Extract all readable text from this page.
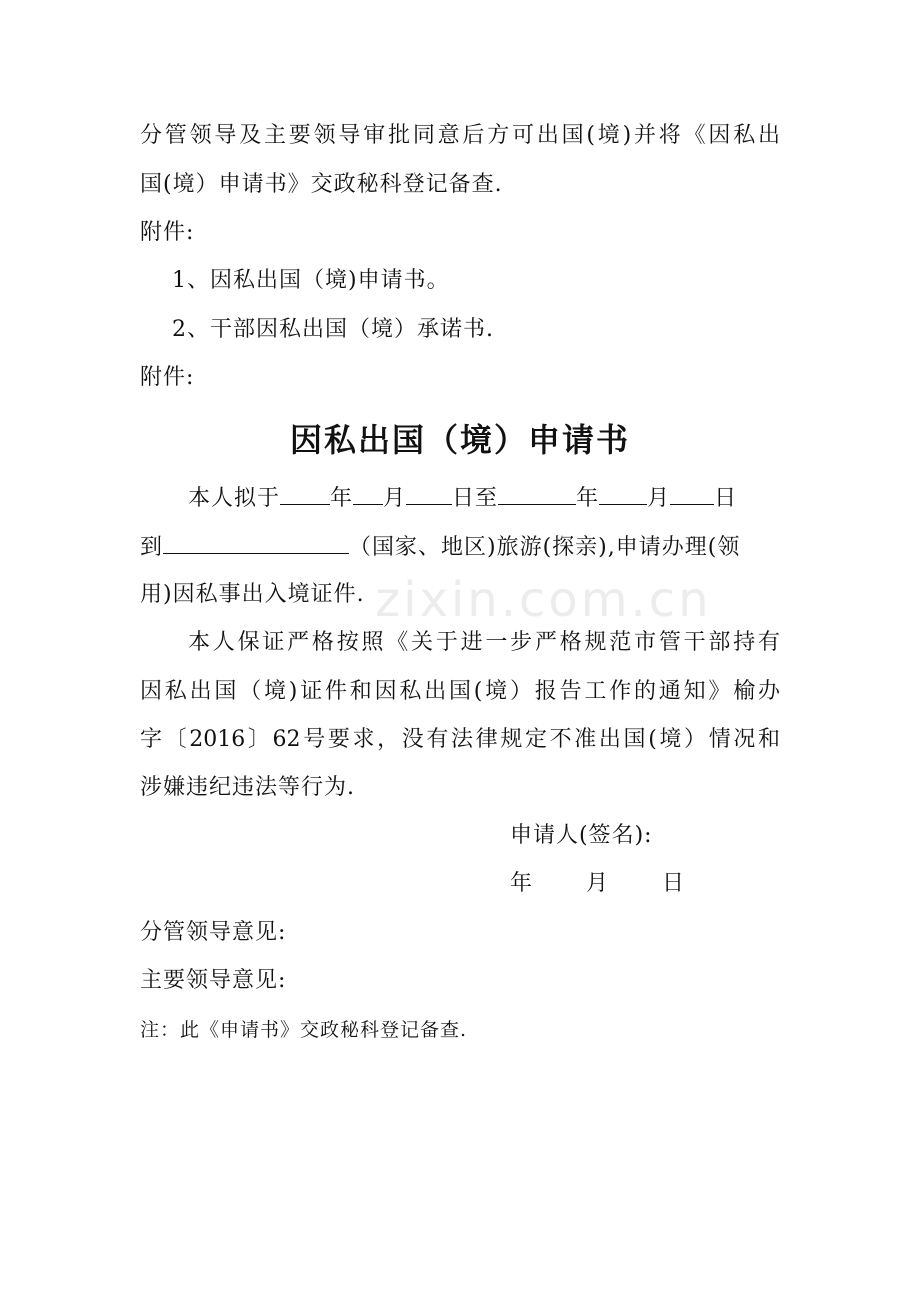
分管领导及主要领导审批同意后方可出国(境)并将《因私出
国(境）申请书》交政秘科登记备查.
附件:
1、因私出国（境)申请书。
2、干部因私出国（境）承诺书.
附件:
因私出国（境）申请书
本人拟于 年 月 日至	年 月 日
到	（国家、地区)旅游(探亲),申请办理(领
用)因私事出入境证件.
本人保证严格按照《关于进一步严格规范市管干部持有
因私出国（境)证件和因私出国(境）报告工作的通知》榆办
字〔2016〕62号要求，没有法律规定不准出国(境）情况和
涉嫌违纪违法等行为.
申请人(签名):
年 月 日
分管领导意见:
主要领导意见:
注：此《申请书》交政秘科登记备查.
zixin.com.cn
